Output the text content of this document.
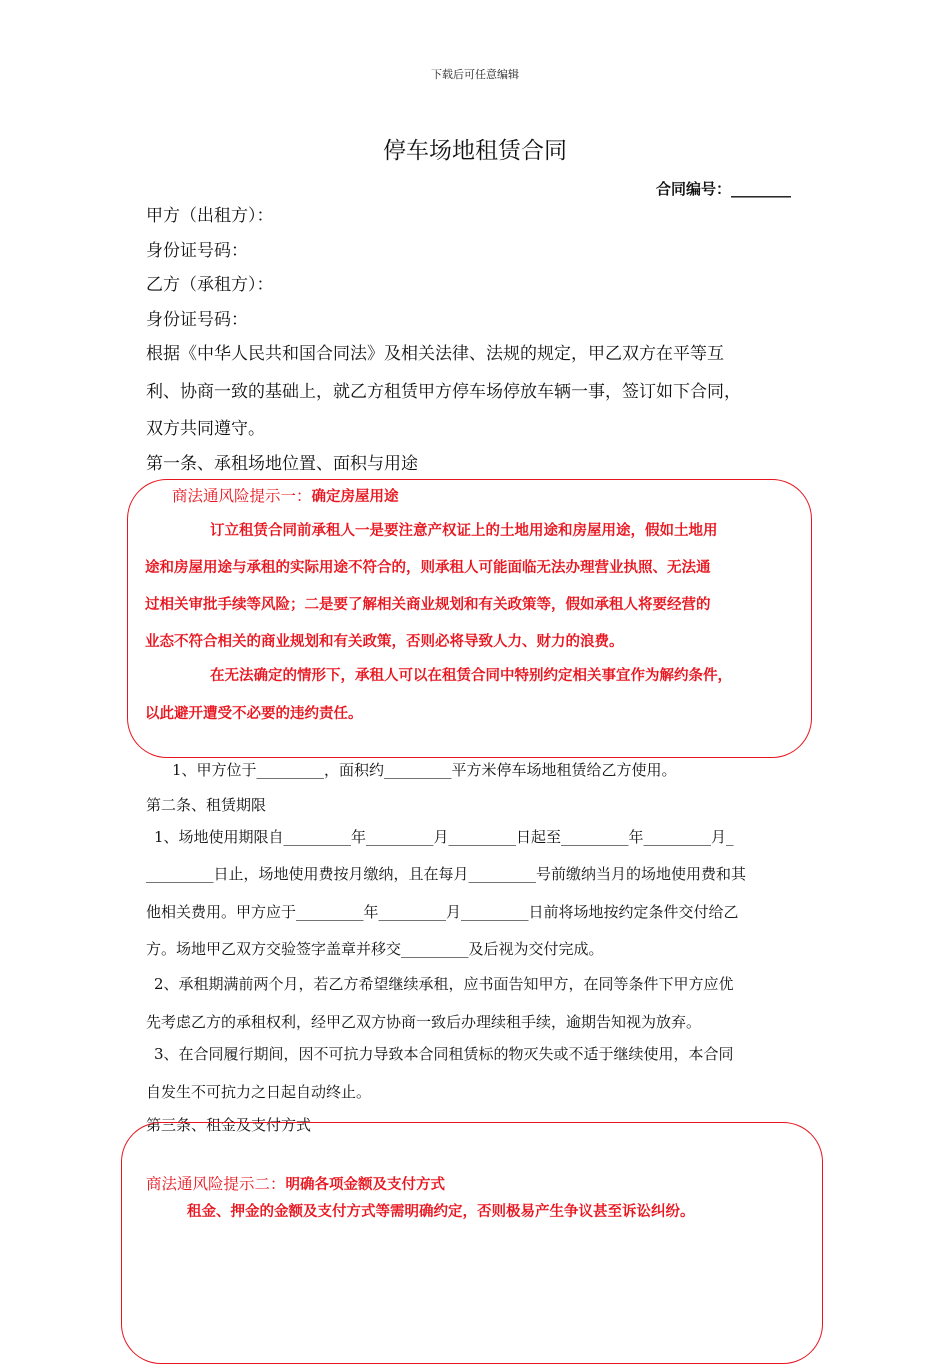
下载后可任意编辑
停车场地租赁合同
合同编号：________
甲方（出租方）：
身份证号码：
乙方（承租方）：
身份证号码：
根据《中华人民共和国合同法》及相关法律、法规的规定，甲乙双方在平等互
利、协商一致的基础上，就乙方租赁甲方停车场停放车辆一事，签订如下合同，
双方共同遵守。
第一条、承租场地位置、面积与用途
商法通风险提示一：确定房屋用途
订立租赁合同前承租人一是要注意产权证上的土地用途和房屋用途，假如土地用
途和房屋用途与承租的实际用途不符合的，则承租人可能面临无法办理营业执照、无法通
过相关审批手续等风险；二是要了解相关商业规划和有关政策等，假如承租人将要经营的
业态不符合相关的商业规划和有关政策，否则必将导致人力、财力的浪费。
在无法确定的情形下，承租人可以在租赁合同中特别约定相关事宜作为解约条件，
以此避开遭受不必要的违约责任。
1、甲方位于_________，面积约_________平方米停车场地租赁给乙方使用。
第二条、租赁期限
1、场地使用期限自_________年_________月_________日起至_________年_________月_
_________日止，场地使用费按月缴纳，且在每月_________号前缴纳当月的场地使用费和其
他相关费用。甲方应于_________年_________月_________日前将场地按约定条件交付给乙
方。场地甲乙双方交验签字盖章并移交_________及后视为交付完成。
2、承租期满前两个月，若乙方希望继续承租，应书面告知甲方，在同等条件下甲方应优
先考虑乙方的承租权利，经甲乙双方协商一致后办理续租手续，逾期告知视为放弃。
3、在合同履行期间，因不可抗力导致本合同租赁标的物灭失或不适于继续使用，本合同
自发生不可抗力之日起自动终止。
第三条、租金及支付方式
商法通风险提示二：明确各项金额及支付方式
租金、押金的金额及支付方式等需明确约定，否则极易产生争议甚至诉讼纠纷。
